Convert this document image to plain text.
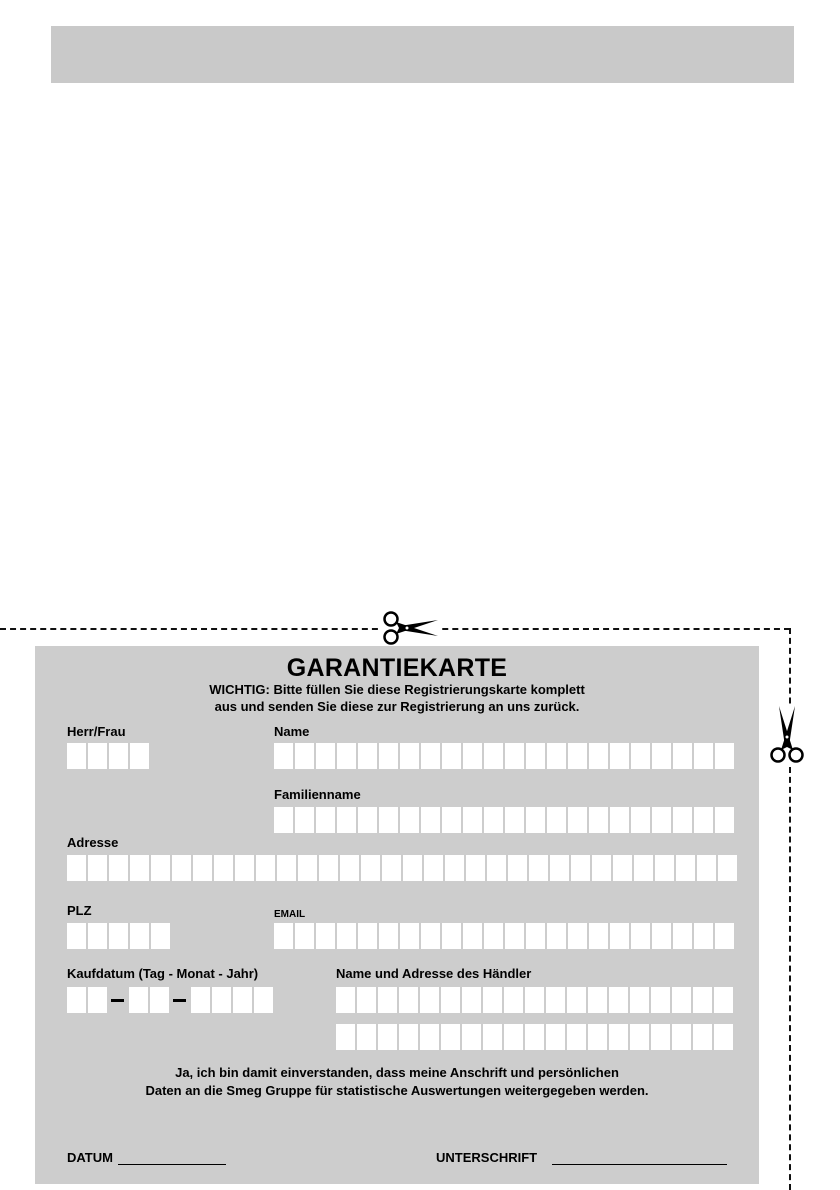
GARANTIEKARTE
WICHTIG: Bitte füllen Sie diese Registrierungskarte komplett
aus und senden Sie diese zur Registrierung an uns zurück.
Herr/Frau	Name
Familienname
Adresse
PLZ	EMAIL
Kaufdatum (Tag - Monat - Jahr)	Name und Adresse des Händler
Ja, ich bin damit einverstanden, dass meine Anschrift und persönlichen
Daten an die Smeg Gruppe für statistische Auswertungen weitergegeben werden.
DATUM	UNTERSCHRIFT
